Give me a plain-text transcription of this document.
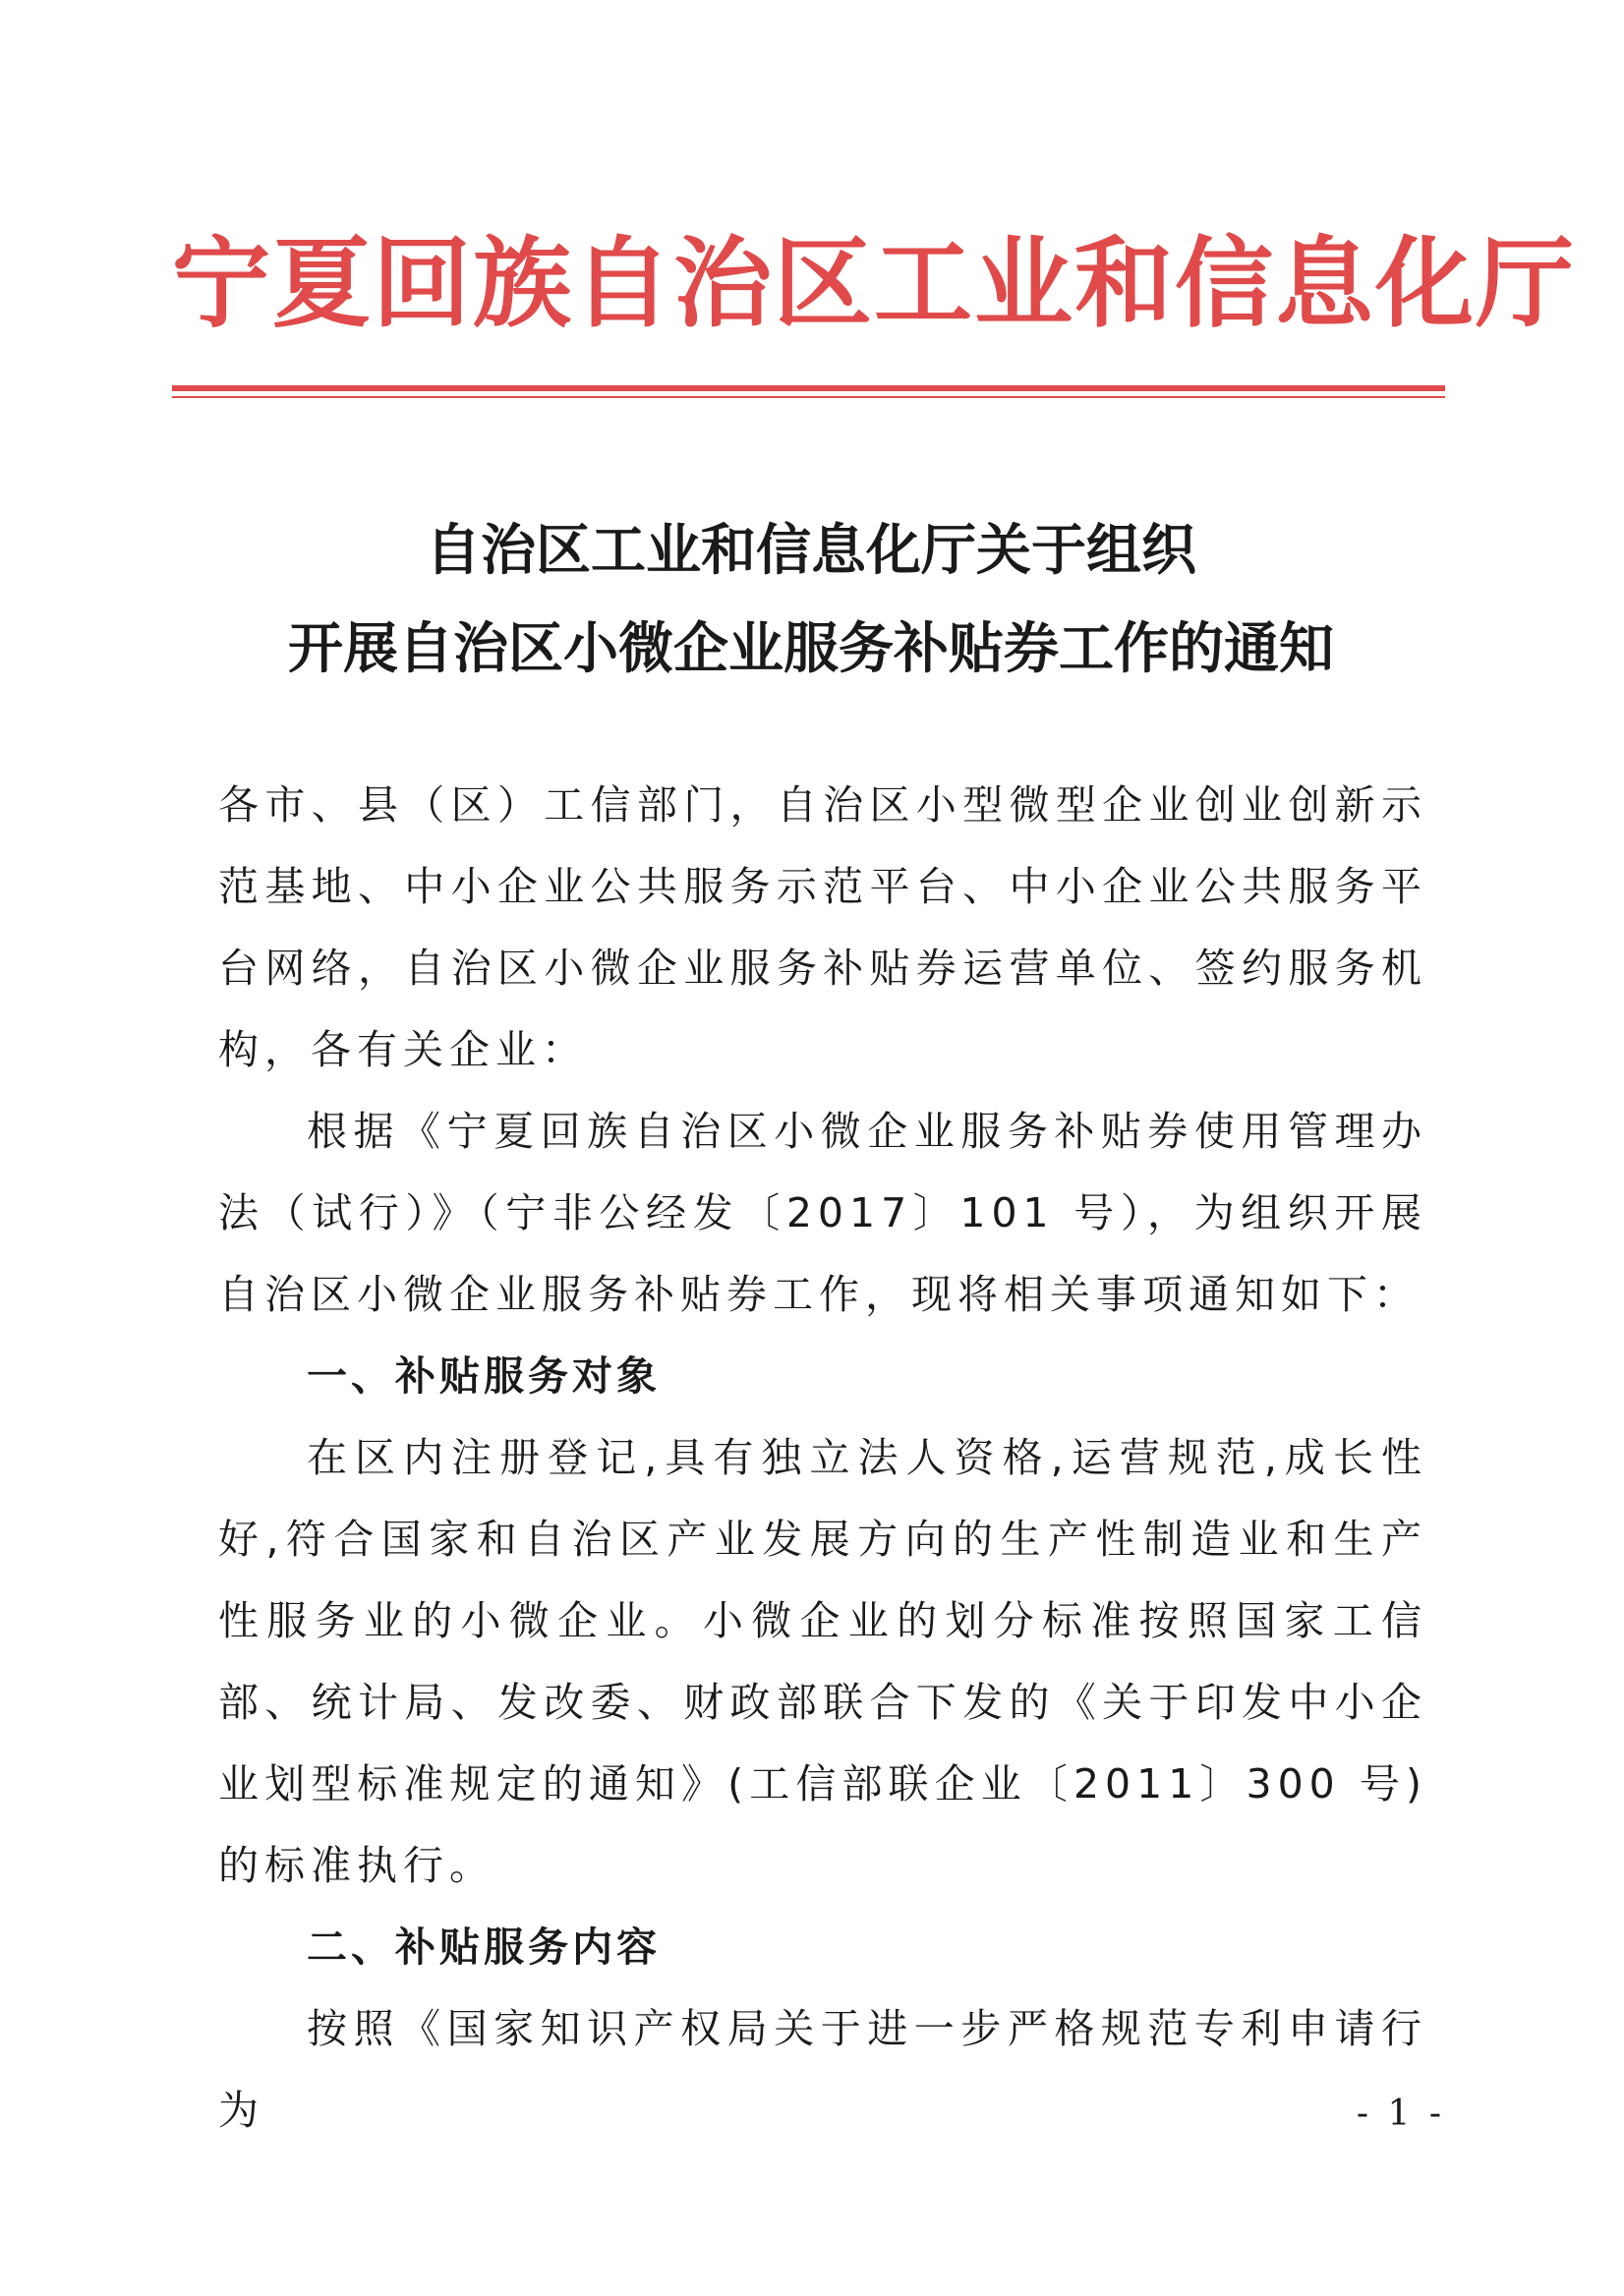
宁夏回族自治区工业和信息化厅
自治区工业和信息化厅关于组织
开展自治区小微企业服务补贴券工作的通知

各市、县（区）工信部门，自治区小型微型企业创业创新示范基地、中小企业公共服务示范平台、中小企业公共服务平台网络，自治区小微企业服务补贴券运营单位、签约服务机构，各有关企业：

根据《宁夏回族自治区小微企业服务补贴券使用管理办法（试行）》（宁非公经发〔2017〕101 号），为组织开展自治区小微企业服务补贴券工作，现将相关事项通知如下：

一、补贴服务对象

在区内注册登记,具有独立法人资格,运营规范,成长性好,符合国家和自治区产业发展方向的生产性制造业和生产性服务业的小微企业。小微企业的划分标准按照国家工信部、统计局、发改委、财政部联合下发的《关于印发中小企业划型标准规定的通知》(工信部联企业〔2011〕300 号)的标准执行。

二、补贴服务内容

按照《国家知识产权局关于进一步严格规范专利申请行为	- 1 -
